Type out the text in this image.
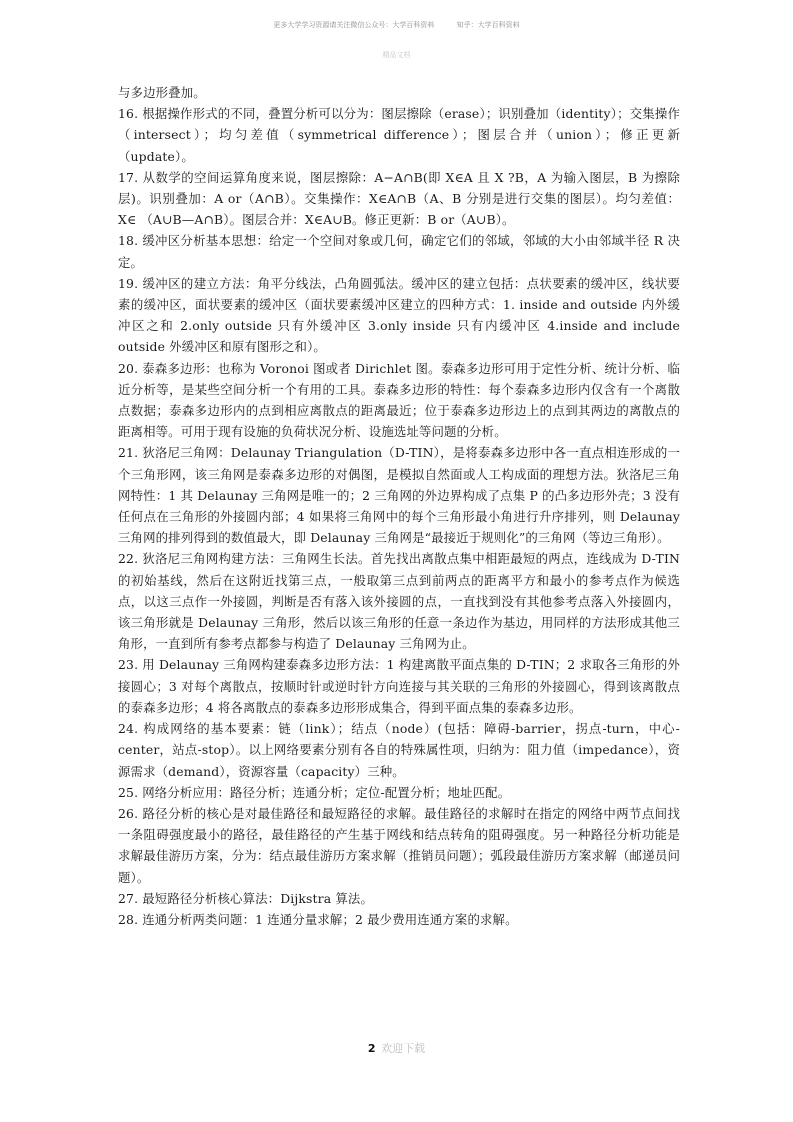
更多大学学习资源请关注微信公众号：大学百科资料	知乎：大学百科资料
精品文档

与多边形叠加。

16. 根据操作形式的不同，叠置分析可以分为：图层擦除（erase）；识别叠加（identity）；交集操作（intersect）；均匀差值（symmetrical difference）；图层合并（union）；修正更新（update）。

17. 从数学的空间运算角度来说，图层擦除：A−A∩B(即 X∈A 且 X ?B，A 为输入图层，B 为擦除层)。识别叠加：A or（A∩B）。交集操作：X∈A∩B（A、B 分别是进行交集的图层）。均匀差值：X∈ （A∪B—A∩B）。图层合并：X∈A∪B。修正更新：B or（A∪B）。

18. 缓冲区分析基本思想：给定一个空间对象或几何，确定它们的邻域，邻域的大小由邻域半径 R 决定。

19. 缓冲区的建立方法：角平分线法，凸角圆弧法。缓冲区的建立包括：点状要素的缓冲区，线状要素的缓冲区，面状要素的缓冲区（面状要素缓冲区建立的四种方式：1. inside and outside 内外缓冲区之和 2.only outside 只有外缓冲区 3.only inside 只有内缓冲区 4.inside and include outside 外缓冲区和原有图形之和）。

20. 泰森多边形：也称为 Voronoi 图或者 Dirichlet 图。泰森多边形可用于定性分析、统计分析、临近分析等，是某些空间分析一个有用的工具。泰森多边形的特性：每个泰森多边形内仅含有一个离散点数据；泰森多边形内的点到相应离散点的距离最近；位于泰森多边形边上的点到其两边的离散点的距离相等。可用于现有设施的负荷状况分析、设施选址等问题的分析。

21. 狄洛尼三角网：Delaunay Triangulation（D-TIN），是将泰森多边形中各一直点相连形成的一个三角形网，该三角网是泰森多边形的对偶图，是模拟自然面或人工构成面的理想方法。狄洛尼三角网特性：1 其 Delaunay 三角网是唯一的；2 三角网的外边界构成了点集 P 的凸多边形外壳；3 没有任何点在三角形的外接圆内部；4 如果将三角网中的每个三角形最小角进行升序排列，则 Delaunay 三角网的排列得到的数值最大，即 Delaunay 三角网是“最接近于规则化”的三角网（等边三角形）。

22. 狄洛尼三角网构建方法：三角网生长法。首先找出离散点集中相距最短的两点，连线成为 D-TIN 的初始基线，然后在这附近找第三点，一般取第三点到前两点的距离平方和最小的参考点作为候选点，以这三点作一外接圆，判断是否有落入该外接圆的点，一直找到没有其他参考点落入外接圆内，该三角形就是 Delaunay 三角形，然后以该三角形的任意一条边作为基边，用同样的方法形成其他三角形，一直到所有参考点都参与构造了 Delaunay 三角网为止。

23. 用 Delaunay 三角网构建泰森多边形方法：1 构建离散平面点集的 D-TIN；2 求取各三角形的外接圆心；3 对每个离散点，按顺时针或逆时针方向连接与其关联的三角形的外接圆心，得到该离散点的泰森多边形；4 将各离散点的泰森多边形形成集合，得到平面点集的泰森多边形。

24. 构成网络的基本要素：链（link）；结点（node）(包括：障碍-barrier，拐点-turn，中心-center，站点-stop）。以上网络要素分别有各自的特殊属性项，归纳为：阻力值（impedance），资源需求（demand），资源容量（capacity）三种。

25. 网络分析应用：路径分析；连通分析；定位-配置分析；地址匹配。

26. 路径分析的核心是对最佳路径和最短路径的求解。最佳路径的求解时在指定的网络中两节点间找一条阻碍强度最小的路径，最佳路径的产生基于网线和结点转角的阻碍强度。另一种路径分析功能是求解最佳游历方案，分为：结点最佳游历方案求解（推销员问题）；弧段最佳游历方案求解（邮递员问题）。

27. 最短路径分析核心算法：Dijkstra 算法。

28. 连通分析两类问题：1 连通分量求解；2 最少费用连通方案的求解。

2 欢迎下载
